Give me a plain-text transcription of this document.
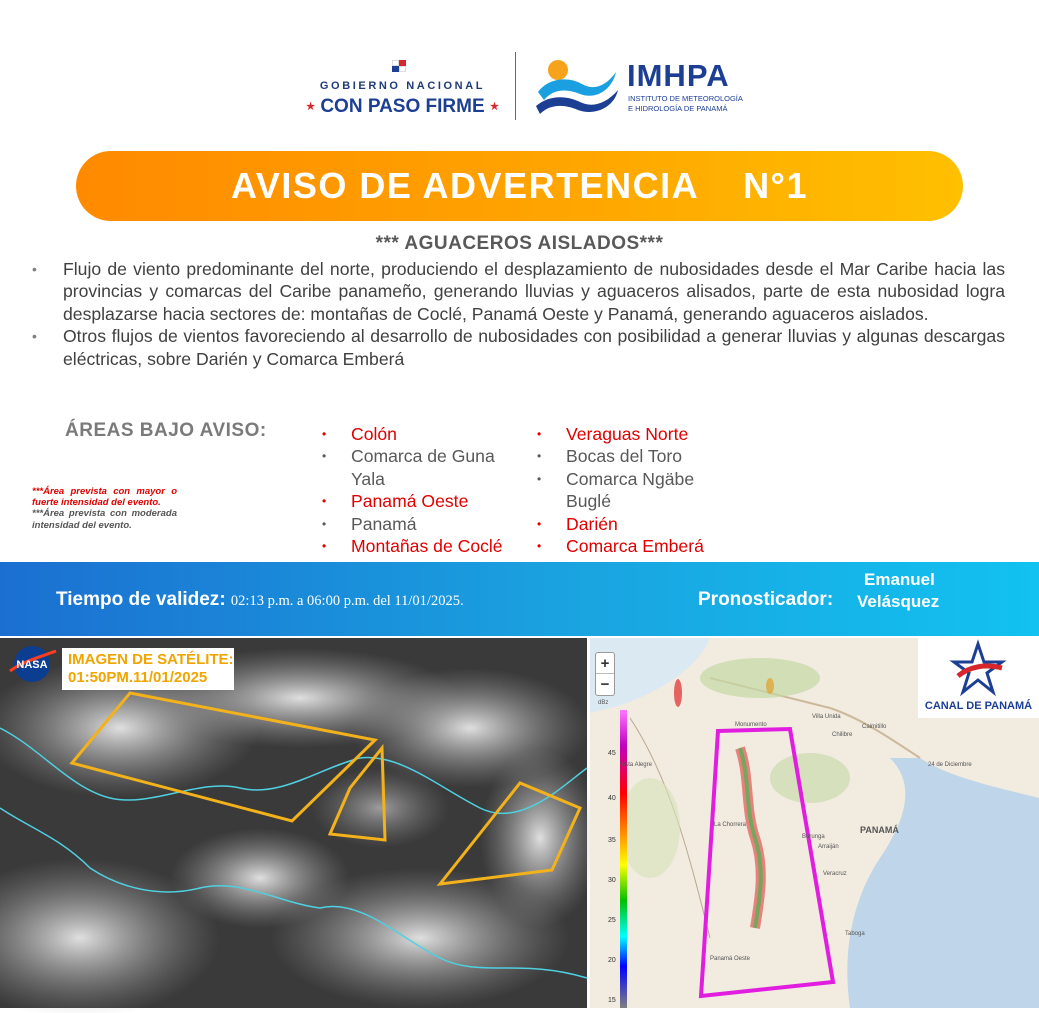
GOBIERNO NACIONAL
★ CON PASO FIRME ★
IMHPA
INSTITUTO DE METEOROLOGÍA
E HIDROLOGÍA DE PANAMÁ
AVISO DE ADVERTENCIA N°1
*** AGUACEROS AISLADOS***
•	Flujo de viento predominante del norte, produciendo el desplazamiento de nubosidades desde el Mar Caribe hacia las provincias y comarcas del Caribe panameño, generando lluvias y aguaceros alisados, parte de esta nubosidad logra desplazarse hacia sectores de: montañas de Coclé, Panamá Oeste y Panamá, generando aguaceros aislados.
•	Otros flujos de vientos favoreciendo al desarrollo de nubosidades con posibilidad a generar lluvias y algunas descargas eléctricas, sobre Darién y Comarca Emberá
ÁREAS BAJO AVISO:
***Área prevista con mayor o fuerte intensidad del evento.
***Área prevista con moderada intensidad del evento.
•	Colón
•	Comarca de Guna Yala
•	Panamá Oeste
•	Panamá
•	Montañas de Coclé
•	Veraguas Norte
•	Bocas del Toro
•	Comarca Ngäbe Buglé
•	Darién
•	Comarca Emberá
Tiempo de validez: 02:13 p.m. a 06:00 p.m. del 11/01/2025.	Pronosticador:
Emanuel
Velásquez
NASA IMAGEN DE SATÉLITE:
01:50PM.11/01/2025
+
−
dBz
45
40
35
30
25
20
15
PANAMÁ
La Chorrera
Arraiján
Burunga
Veracruz
Taboga
Panamá Oeste
Vista Alegre	24 de Diciembre
Chilibre
Villa Unida
Caimitillo
Monumento
CANAL DE PANAMÁ
